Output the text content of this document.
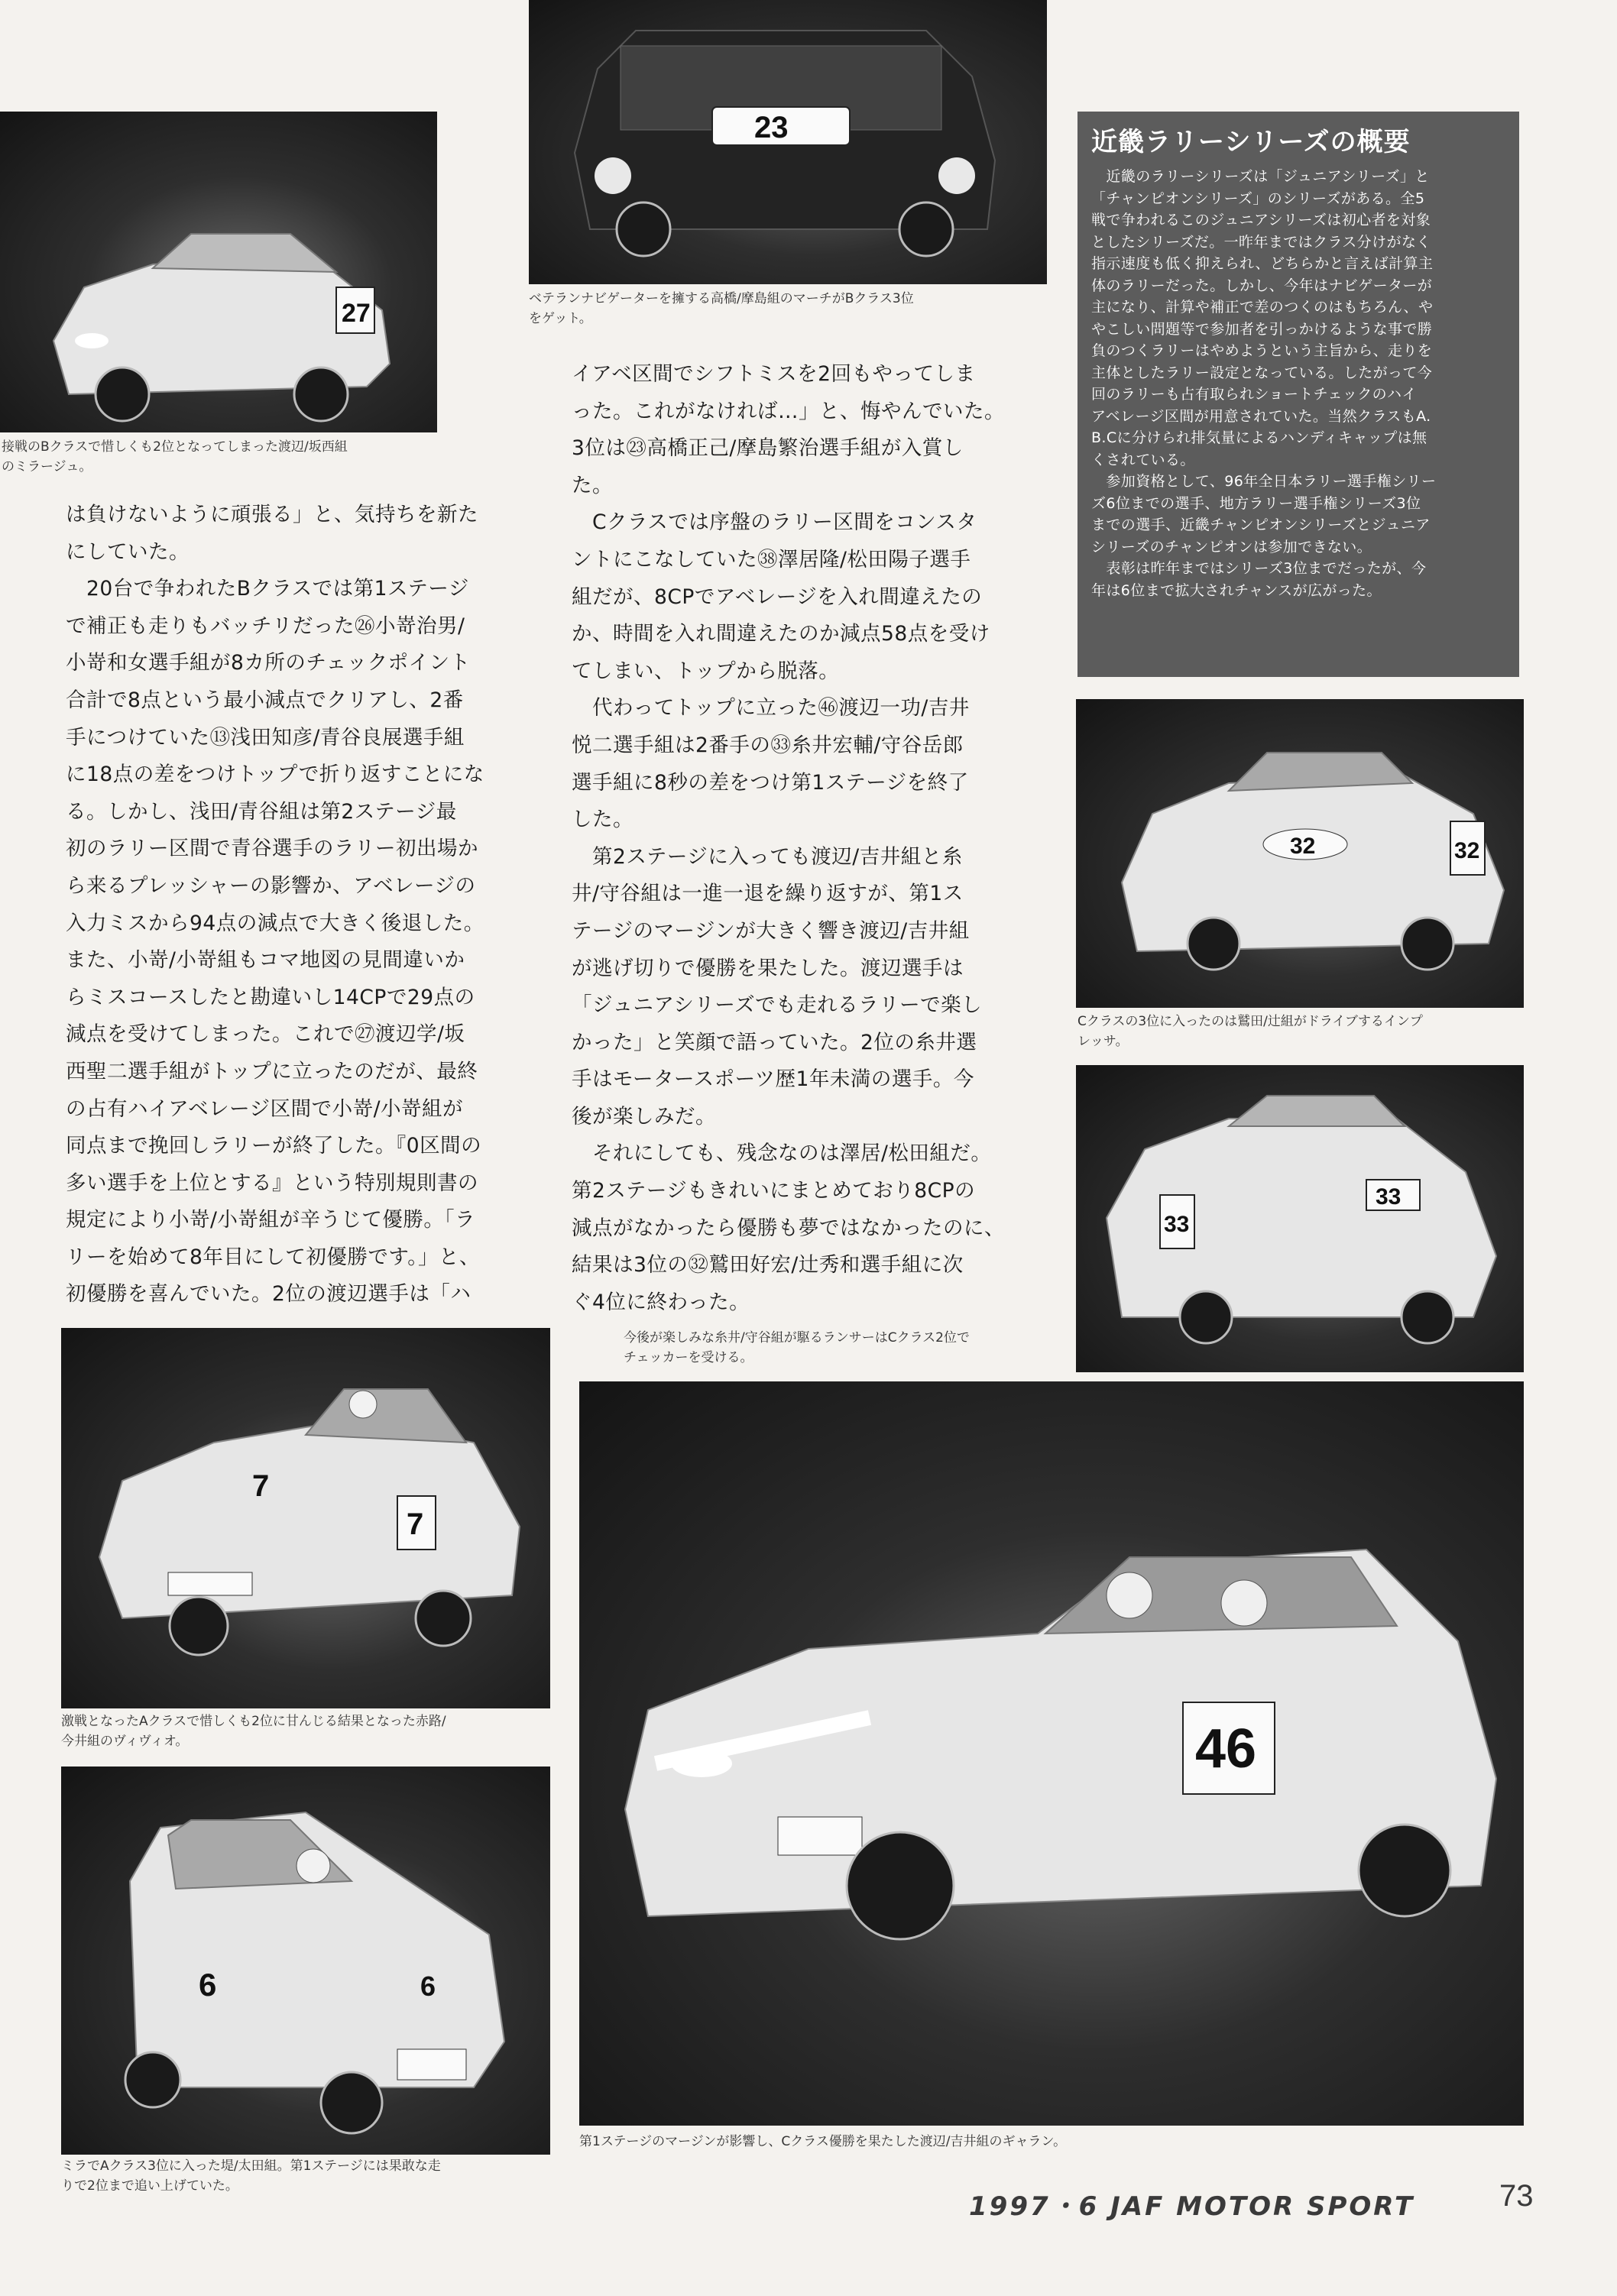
27
接戦のBクラスで惜しくも2位となってしまった渡辺/坂西組
のミラージュ。
23
ベテランナビゲーターを擁する高橋/摩島組のマーチがBクラス3位
をゲット。
近畿ラリーシリーズの概要
　近畿のラリーシリーズは「ジュニアシリーズ」と
「チャンピオンシリーズ」のシリーズがある。全5
戦で争われるこのジュニアシリーズは初心者を対象
としたシリーズだ。一昨年まではクラス分けがなく
指示速度も低く抑えられ、どちらかと言えば計算主
体のラリーだった。しかし、今年はナビゲーターが
主になり、計算や補正で差のつくのはもちろん、や
やこしい問題等で参加者を引っかけるような事で勝
負のつくラリーはやめようという主旨から、走りを
主体としたラリー設定となっている。したがって今
回のラリーも占有取られショートチェックのハイ
アベレージ区間が用意されていた。当然クラスもA.
B.Cに分けられ排気量によるハンディキャップは無
くされている。
　参加資格として、96年全日本ラリー選手権シリー
ズ6位までの選手、地方ラリー選手権シリーズ3位
までの選手、近畿チャンピオンシリーズとジュニア
シリーズのチャンピオンは参加できない。
　表彰は昨年まではシリーズ3位までだったが、今
年は6位まで拡大されチャンスが広がった。
は負けないように頑張る」と、気持ちを新た
にしていた。
　20台で争われたBクラスでは第1ステージ
で補正も走りもバッチリだった㉖小嵜治男/
小嵜和女選手組が8カ所のチェックポイント
合計で8点という最小減点でクリアし、2番
手につけていた⑬浅田知彦/青谷良展選手組
に18点の差をつけトップで折り返すことにな
る。しかし、浅田/青谷組は第2ステージ最
初のラリー区間で青谷選手のラリー初出場か
ら来るプレッシャーの影響か、アベレージの
入力ミスから94点の減点で大きく後退した。
また、小嵜/小嵜組もコマ地図の見間違いか
らミスコースしたと勘違いし14CPで29点の
減点を受けてしまった。これで㉗渡辺学/坂
西聖二選手組がトップに立ったのだが、最終
の占有ハイアベレージ区間で小嵜/小嵜組が
同点まで挽回しラリーが終了した。『0区間の
多い選手を上位とする』という特別規則書の
規定により小嵜/小嵜組が辛うじて優勝。「ラ
リーを始めて8年目にして初優勝です。」と、
初優勝を喜んでいた。2位の渡辺選手は「ハ
イアベ区間でシフトミスを2回もやってしま
った。これがなければ…」と、悔やんでいた。
3位は㉓高橋正己/摩島繁治選手組が入賞し
た。
　Cクラスでは序盤のラリー区間をコンスタ
ントにこなしていた㊳澤居隆/松田陽子選手
組だが、8CPでアベレージを入れ間違えたの
か、時間を入れ間違えたのか減点58点を受け
てしまい、トップから脱落。
　代わってトップに立った㊻渡辺一功/吉井
悦二選手組は2番手の㉝糸井宏輔/守谷岳郎
選手組に8秒の差をつけ第1ステージを終了
した。
　第2ステージに入っても渡辺/吉井組と糸
井/守谷組は一進一退を繰り返すが、第1ス
テージのマージンが大きく響き渡辺/吉井組
が逃げ切りで優勝を果たした。渡辺選手は
「ジュニアシリーズでも走れるラリーで楽し
かった」と笑顔で語っていた。2位の糸井選
手はモータースポーツ歴1年未満の選手。今
後が楽しみだ。
　それにしても、残念なのは澤居/松田組だ。
第2ステージもきれいにまとめており8CPの
減点がなかったら優勝も夢ではなかったのに、
結果は3位の㉜鷲田好宏/辻秀和選手組に次
ぐ4位に終わった。
32	32
Cクラスの3位に入ったのは鷲田/辻組がドライブするインプ
レッサ。
33
33
今後が楽しみな糸井/守谷組が駆るランサーはCクラス2位で
チェッカーを受ける。
7
7
激戦となったAクラスで惜しくも2位に甘んじる結果となった赤路/
今井組のヴィヴィオ。
6	6
ミラでAクラス3位に入った堤/太田組。第1ステージには果敢な走
りで2位まで追い上げていた。
46
第1ステージのマージンが影響し、Cクラス優勝を果たした渡辺/吉井組のギャラン。
1997・6 JAF MOTOR SPORT	73
